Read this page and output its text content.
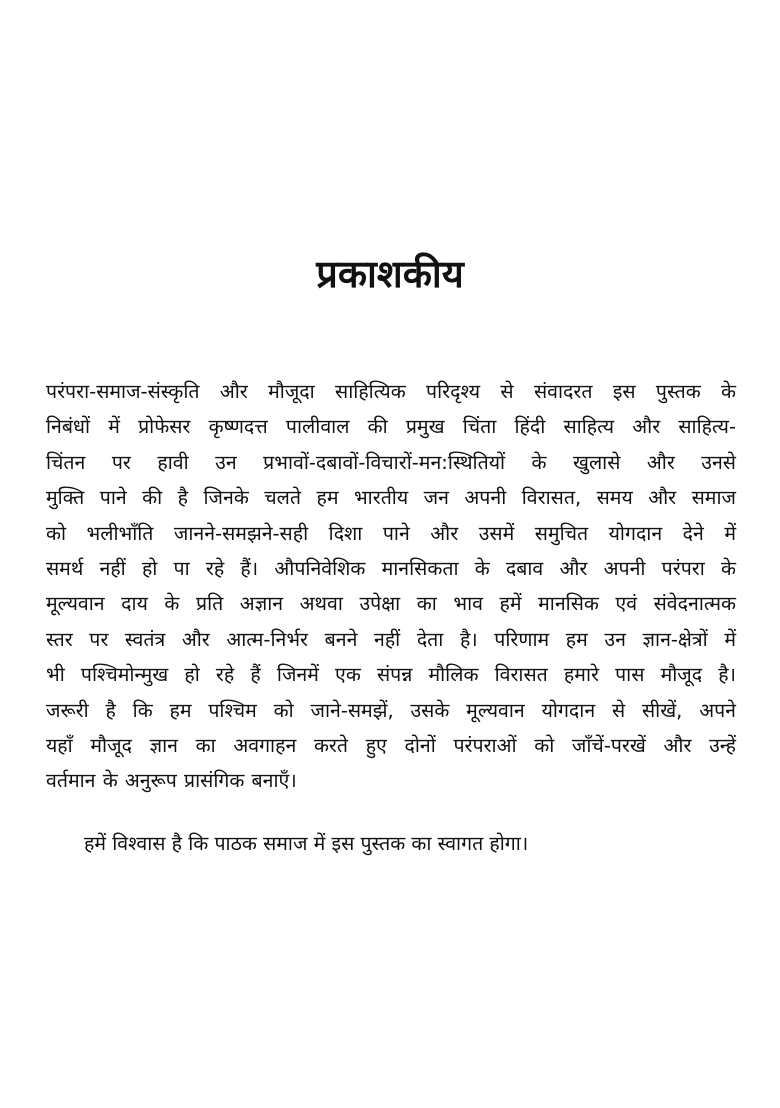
प्रकाशकीय

परंपरा-समाज-संस्कृति और मौजूदा साहित्यिक परिदृश्य से संवादरत इस पुस्तक के
निबंधों में प्रोफेसर कृष्णदत्त पालीवाल की प्रमुख चिंता हिंदी साहित्य और साहित्य-
चिंतन पर हावी उन प्रभावों-दबावों-विचारों-मन:स्थितियों के खुलासे और उनसे
मुक्ति पाने की है जिनके चलते हम भारतीय जन अपनी विरासत, समय और समाज
को भलीभाँति जानने-समझने-सही दिशा पाने और उसमें समुचित योगदान देने में
समर्थ नहीं हो पा रहे हैं। औपनिवेशिक मानसिकता के दबाव और अपनी परंपरा के
मूल्यवान दाय के प्रति अज्ञान अथवा उपेक्षा का भाव हमें मानसिक एवं संवेदनात्मक
स्तर पर स्वतंत्र और आत्म-निर्भर बनने नहीं देता है। परिणाम हम उन ज्ञान-क्षेत्रों में
भी पश्चिमोन्मुख हो रहे हैं जिनमें एक संपन्न मौलिक विरासत हमारे पास मौजूद है।
जरूरी है कि हम पश्चिम को जाने-समझें, उसके मूल्यवान योगदान से सीखें, अपने
यहाँ मौजूद ज्ञान का अवगाहन करते हुए दोनों परंपराओं को जाँचें-परखें और उन्हें
वर्तमान के अनुरूप प्रासंगिक बनाएँ।

हमें विश्वास है कि पाठक समाज में इस पुस्तक का स्वागत होगा।
